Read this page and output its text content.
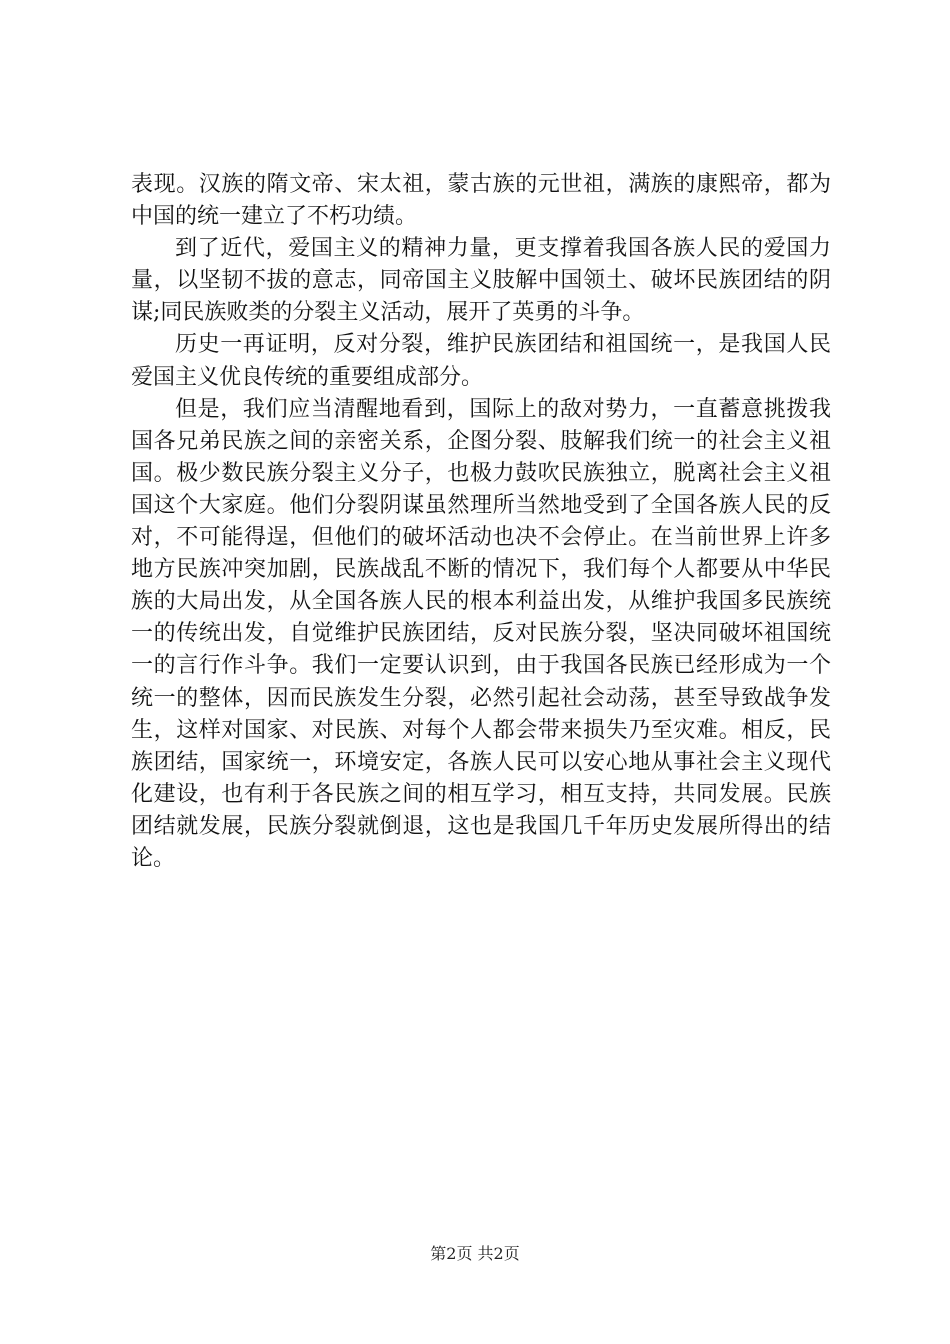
表现。汉族的隋文帝、宋太祖，蒙古族的元世祖，满族的康熙帝，都为中国的统一建立了不朽功绩。

到了近代，爱国主义的精神力量，更支撑着我国各族人民的爱国力量，以坚韧不拔的意志，同帝国主义肢解中国领土、破坏民族团结的阴谋;同民族败类的分裂主义活动，展开了英勇的斗争。

历史一再证明，反对分裂，维护民族团结和祖国统一，是我国人民爱国主义优良传统的重要组成部分。

但是，我们应当清醒地看到，国际上的敌对势力，一直蓄意挑拨我国各兄弟民族之间的亲密关系，企图分裂、肢解我们统一的社会主义祖国。极少数民族分裂主义分子，也极力鼓吹民族独立，脱离社会主义祖国这个大家庭。他们分裂阴谋虽然理所当然地受到了全国各族人民的反对，不可能得逞，但他们的破坏活动也决不会停止。在当前世界上许多地方民族冲突加剧，民族战乱不断的情况下，我们每个人都要从中华民族的大局出发，从全国各族人民的根本利益出发，从维护我国多民族统一的传统出发，自觉维护民族团结，反对民族分裂，坚决同破坏祖国统一的言行作斗争。我们一定要认识到，由于我国各民族已经形成为一个统一的整体，因而民族发生分裂，必然引起社会动荡，甚至导致战争发生，这样对国家、对民族、对每个人都会带来损失乃至灾难。相反，民族团结，国家统一，环境安定，各族人民可以安心地从事社会主义现代化建设，也有利于各民族之间的相互学习，相互支持，共同发展。民族团结就发展，民族分裂就倒退，这也是我国几千年历史发展所得出的结论。

第2页 共2页
